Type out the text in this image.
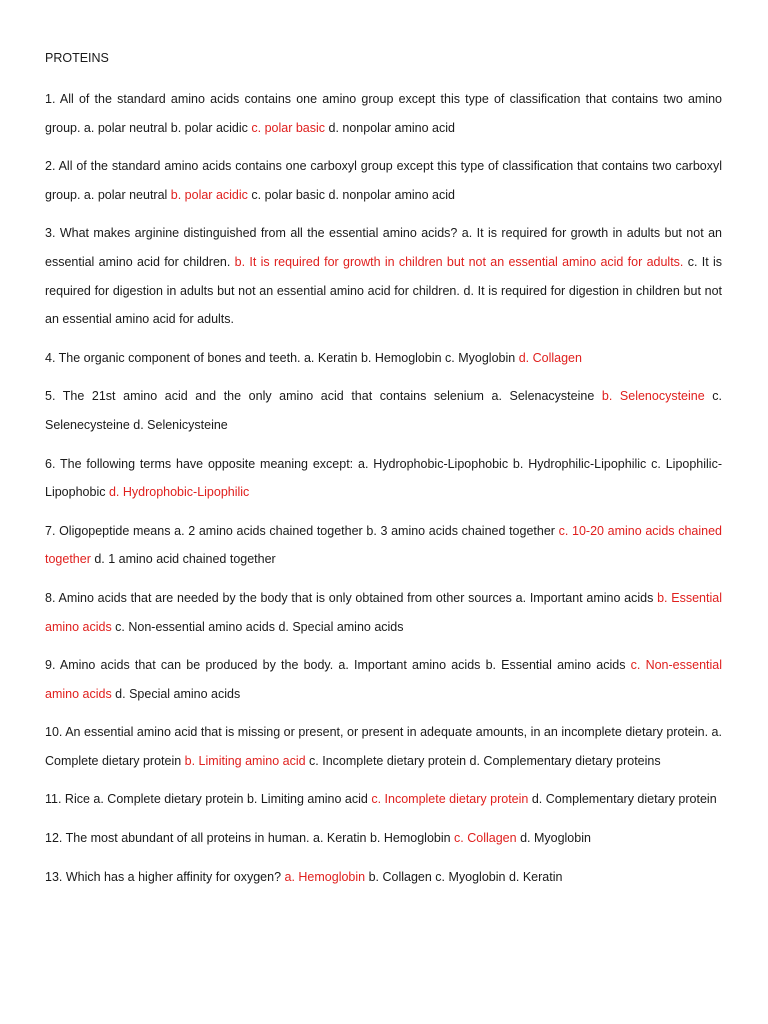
PROTEINS

1. All of the standard amino acids contains one amino group except this type of classification that contains two amino group. a. polar neutral b. polar acidic c. polar basic d. nonpolar amino acid

2. All of the standard amino acids contains one carboxyl group except this type of classification that contains two carboxyl group. a. polar neutral b. polar acidic c. polar basic d. nonpolar amino acid

3. What makes arginine distinguished from all the essential amino acids? a. It is required for growth in adults but not an essential amino acid for children. b. It is required for growth in children but not an essential amino acid for adults. c. It is required for digestion in adults but not an essential amino acid for children. d. It is required for digestion in children but not an essential amino acid for adults.

4. The organic component of bones and teeth. a. Keratin b. Hemoglobin c. Myoglobin d. Collagen

5. The 21st amino acid and the only amino acid that contains selenium a. Selenacysteine b. Selenocysteine c. Selenecysteine d. Selenicysteine

6. The following terms have opposite meaning except: a. Hydrophobic-Lipophobic b. Hydrophilic-Lipophilic c. Lipophilic-Lipophobic d. Hydrophobic-Lipophilic

7. Oligopeptide means a. 2 amino acids chained together b. 3 amino acids chained together c. 10-20 amino acids chained together d. 1 amino acid chained together

8. Amino acids that are needed by the body that is only obtained from other sources a. Important amino acids b. Essential amino acids c. Non-essential amino acids d. Special amino acids

9. Amino acids that can be produced by the body. a. Important amino acids b. Essential amino acids c. Non-essential amino acids d. Special amino acids

10. An essential amino acid that is missing or present, or present in adequate amounts, in an incomplete dietary protein. a. Complete dietary protein b. Limiting amino acid c. Incomplete dietary protein d. Complementary dietary proteins

11. Rice a. Complete dietary protein b. Limiting amino acid c. Incomplete dietary protein d. Complementary dietary protein

12. The most abundant of all proteins in human. a. Keratin b. Hemoglobin c. Collagen d. Myoglobin

13. Which has a higher affinity for oxygen? a. Hemoglobin b. Collagen c. Myoglobin d. Keratin
